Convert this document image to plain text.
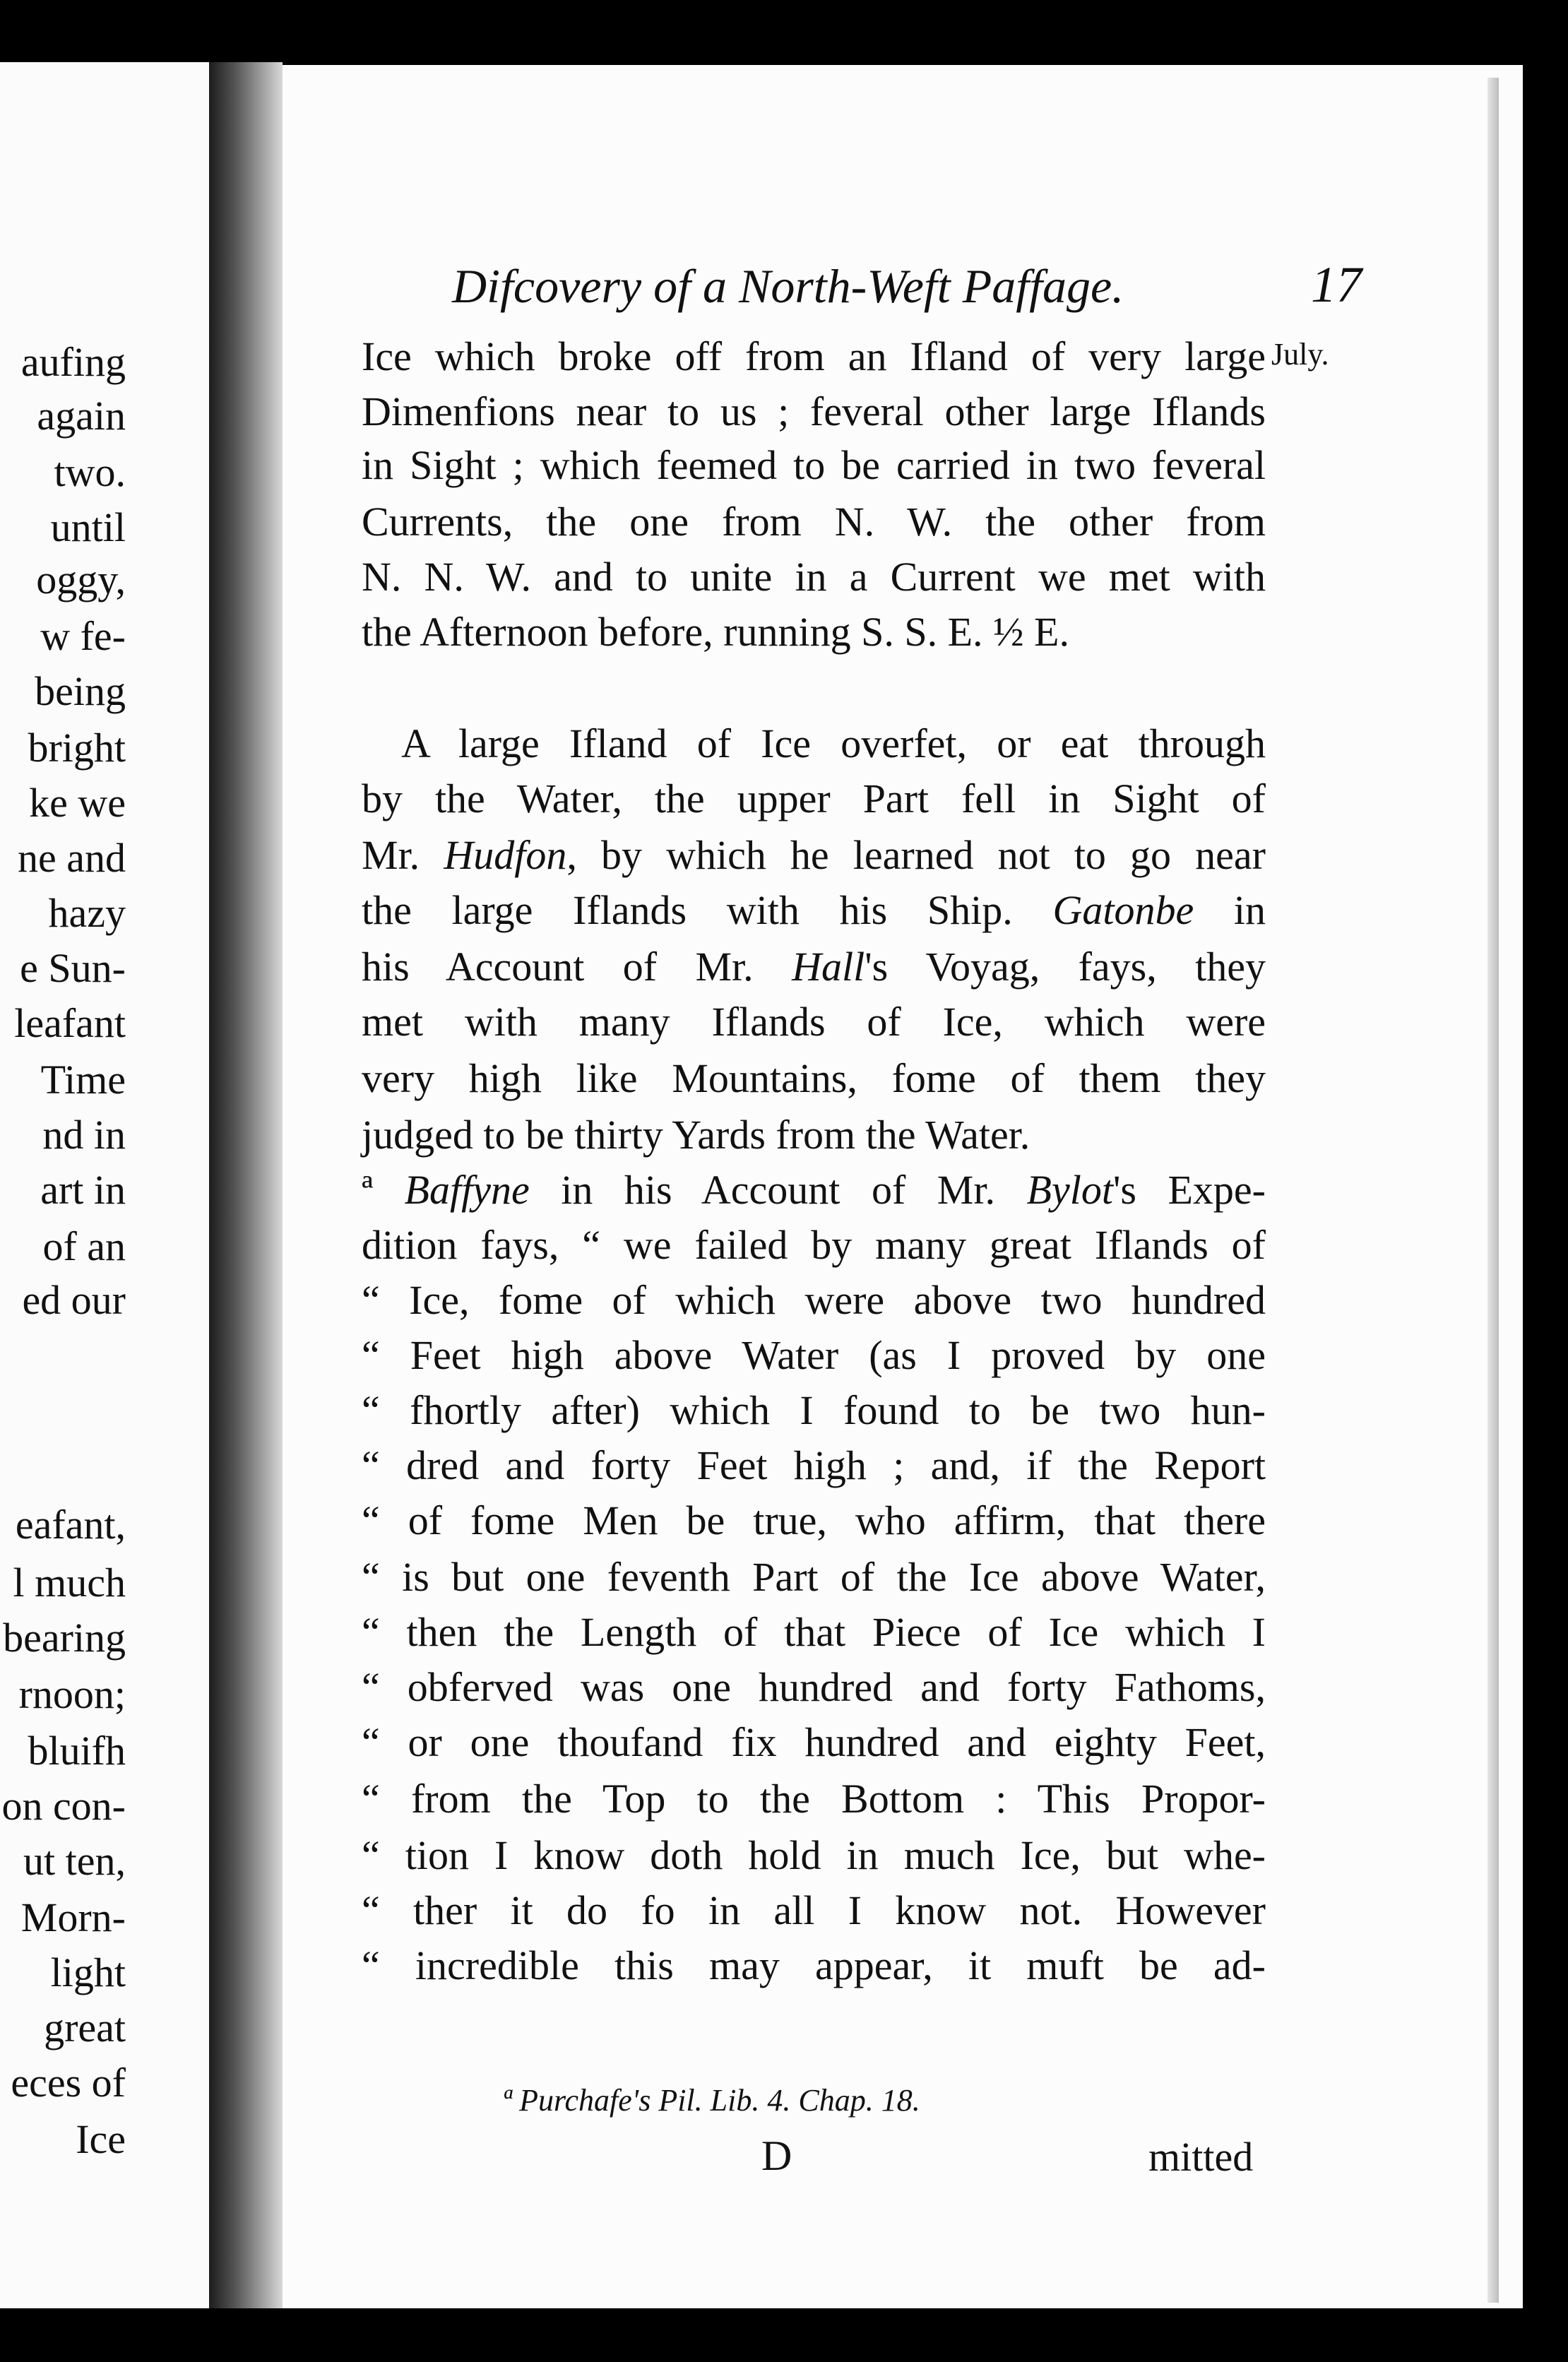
aufing
again
two.
until
oggy,
w fe-
being
bright
ke we
ne and
hazy
e Sun-
leafant
Time
nd in
art in
of an
ed our
eafant,
l much
bearing
rnoon;
bluifh
on con-
ut ten,
Morn-
light
great
eces of
Ice
Difcovery of a North-Weft Paffage.	17
July.
Ice which broke off from an Ifland of very large
Dimenfions near to us ; feveral other large Iflands
in Sight ; which feemed to be carried in two feveral
Currents, the one from N. W. the other from
N. N. W. and to unite in a Current we met with
the Afternoon before, running S. S. E. ½ E.
A large Ifland of Ice overfet, or eat through
by the Water, the upper Part fell in Sight of
Mr. Hudfon, by which he learned not to go near
the large Iflands with his Ship. Gatonbe in
his Account of Mr. Hall's Voyag, fays, they
met with many Iflands of Ice, which were
very high like Mountains, fome of them they
judged to be thirty Yards from the Water.
ª Baffyne in his Account of Mr. Bylot's Expe-
dition fays, “ we failed by many great Iflands of
“ Ice, fome of which were above two hundred
“ Feet high above Water (as I proved by one
“ fhortly after) which I found to be two hun-
“ dred and forty Feet high ; and, if the Report
“ of fome Men be true, who affirm, that there
“ is but one feventh Part of the Ice above Water,
“ then the Length of that Piece of Ice which I
“ obferved was one hundred and forty Fathoms,
“ or one thoufand fix hundred and eighty Feet,
“ from the Top to the Bottom : This Propor-
“ tion I know doth hold in much Ice, but whe-
“ ther it do fo in all I know not. However
“ incredible this may appear, it muft be ad-
ª Purchafe's Pil. Lib. 4. Chap. 18.
D	mitted
